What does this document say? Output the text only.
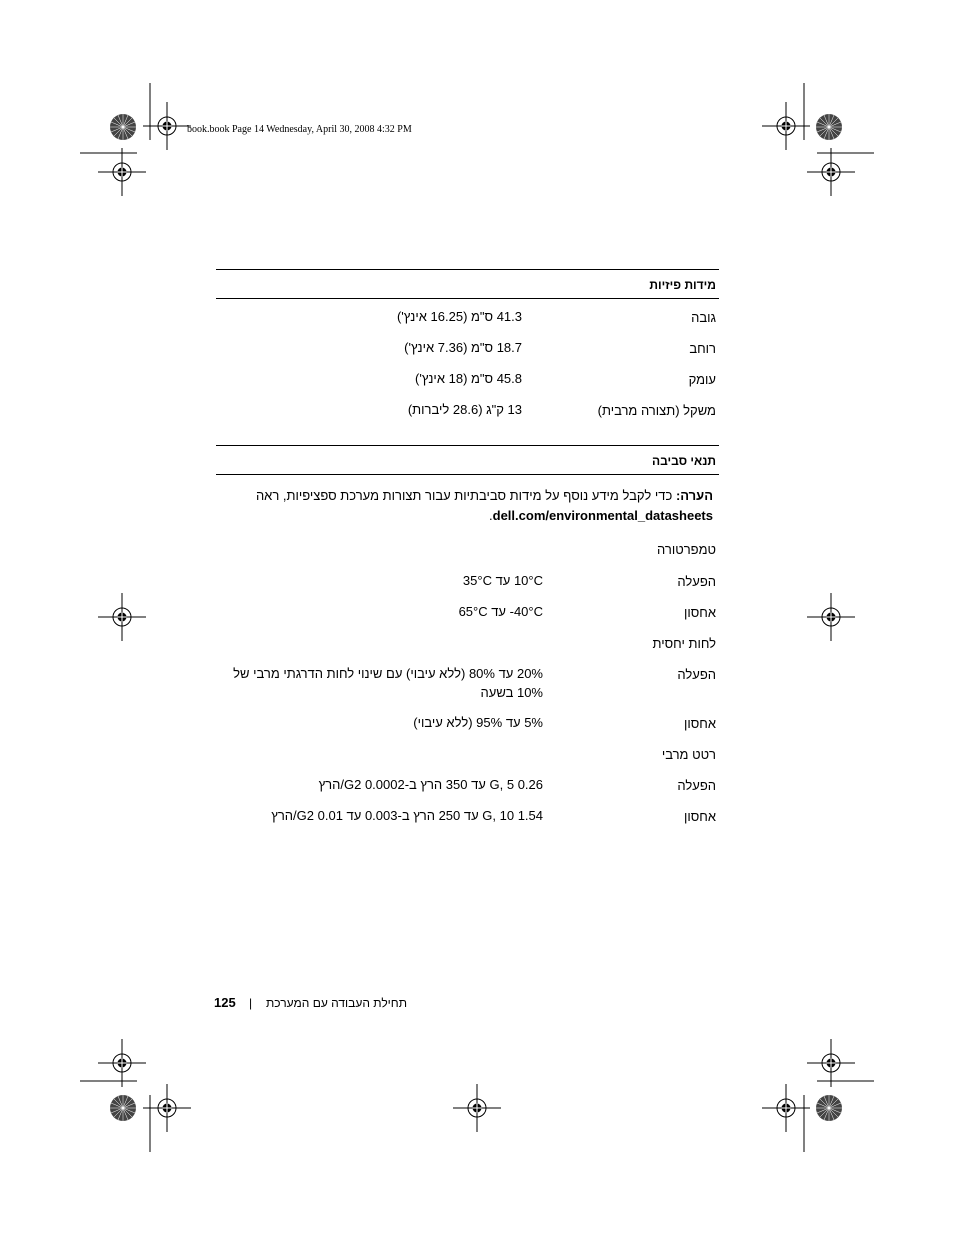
book.book Page 14 Wednesday, April 30, 2008 4:32 PM
מידות פיזיות
גובה
41.3 ס"מ (16.25 אינץ')
רוחב
18.7 ס"מ (7.36 אינץ')
עומק
45.8 ס"מ (18 אינץ')
משקל (תצורה מרבית)
13 ק"ג (28.6 ליברות)
תנאי סביבה
הערה: כדי לקבל מידע נוסף על מידות סביבתיות עבור תצורות מערכת ספציפיות, ראה dell.com/environmental_datasheets.
טמפרטורה
הפעלה
10°C עד 35°C
אחסון
‎-40°C עד 65°C
לחות יחסית
הפעלה
20% עד 80% (ללא עיבוי) עם שינוי לחות הדרגתי מרבי של 10% בשעה
אחסון
5% עד 95% (ללא עיבוי)
רטט מרבי
הפעלה
0.26 G, 5 עד 350 הרץ ב-0.0002 G2/הרץ
אחסון
1.54 G, 10 עד 250 הרץ ב-0.003 עד 0.01 G2/הרץ
125 | תחילת העבודה עם המערכת
